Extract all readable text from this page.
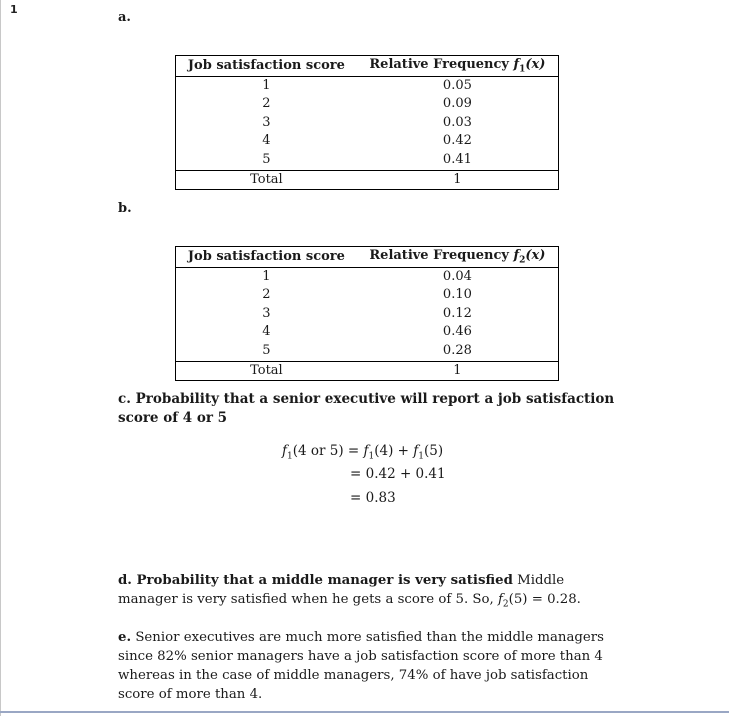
1
a.
Job satisfaction score	Relative Frequency $f_1(x)$
1	0.05
2	0.09
3	0.03
4	0.42
5	0.41
Total	1
b.
Job satisfaction score	Relative Frequency $f_2(x)$
1	0.04
2	0.10
3	0.12
4	0.46
5	0.28
Total	1
c. Probability that a senior executive will report a job satisfaction score of 4 or 5
$f_1(4$ or $5) = f_1(4) + f_1(5)$
= 0.42 + 0.41
= 0.83
d. Probability that a middle manager is very satisfied Middle manager is very satisfied when he gets a score of 5. So, $f_2(5) = 0.28$.
e. Senior executives are much more satisfied than the middle managers since 82% senior managers have a job satisfaction score of more than 4 whereas in the case of middle managers, 74% of have job satisfaction score of more than 4.
